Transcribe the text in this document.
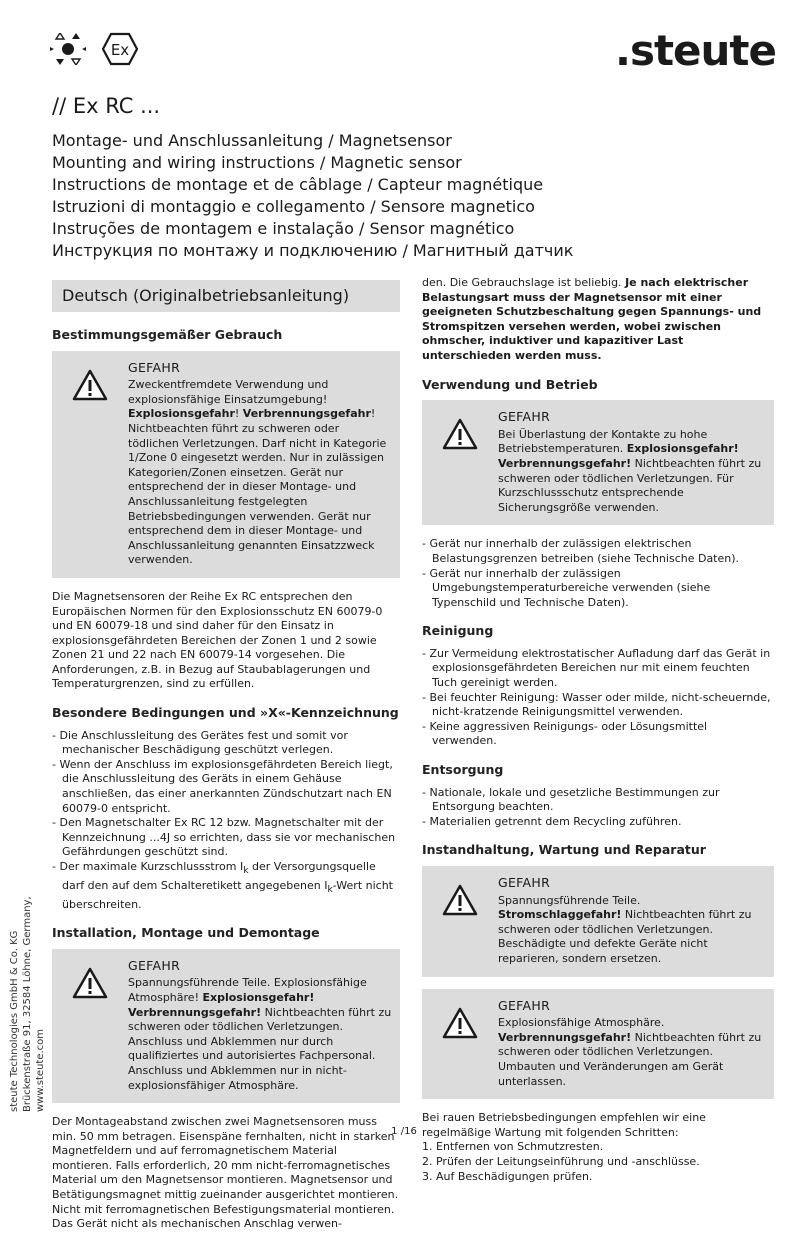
Ex	.steute
// Ex RC ...
Montage- und Anschlussanleitung / Magnetsensor
Mounting and wiring instructions / Magnetic sensor
Instructions de montage et de câblage / Capteur magnétique
Istruzioni di montaggio e collegamento / Sensore magnetico
Instruções de montagem e instalação / Sensor magnético
Инструкция по монтажу и подключению / Магнитный датчик
Deutsch (Originalbetriebsanleitung)
Bestimmungsgemäßer Gebrauch
GEFAHR
Zweckentfremdete Verwendung und explosionsfähige Einsatzumgebung! Explosionsgefahr! Verbrennungsgefahr! Nichtbeachten führt zu schweren oder tödlichen Verletzungen. Darf nicht in Kategorie 1/Zone 0 eingesetzt werden. Nur in zulässigen Kategorien/Zonen einsetzen. Gerät nur entsprechend der in dieser Montage- und Anschlussanleitung festgelegten Betriebsbedingungen verwenden. Gerät nur entsprechend dem in dieser Montage- und Anschlussanleitung genannten Einsatzzweck verwenden.

Die Magnetsensoren der Reihe Ex RC entsprechen den Europäischen Normen für den Explosionsschutz EN 60079-0 und EN 60079-18 und sind daher für den Einsatz in explosionsgefährdeten Bereichen der Zonen 1 und 2 sowie Zonen 21 und 22 nach EN 60079-14 vorgesehen. Die Anforderungen, z.B. in Bezug auf Staubablagerungen und Temperaturgrenzen, sind zu erfüllen.

Besondere Bedingungen und »X«-Kennzeichnung
- Die Anschlussleitung des Gerätes fest und somit vor mechanischer Beschädigung geschützt verlegen.
- Wenn der Anschluss im explosionsgefährdeten Bereich liegt, die Anschlussleitung des Geräts in einem Gehäuse anschließen, das einer anerkannten Zündschutzart nach EN 60079-0 entspricht.
- Den Magnetschalter Ex RC 12 bzw. Magnetschalter mit der Kennzeichnung ...4J so errichten, dass sie vor mechanischen Gefährdungen geschützt sind.
- Der maximale Kurzschlussstrom $I_k$ der Versorgungsquelle darf den auf dem Schalteretikett angegebenen $I_k$-Wert nicht überschreiten.
Installation, Montage und Demontage
GEFAHR
Spannungsführende Teile. Explosionsfähige Atmosphäre! Explosionsgefahr! Verbrennungsgefahr! Nichtbeachten führt zu schweren oder tödlichen Verletzungen. Anschluss und Abklemmen nur durch qualifiziertes und autorisiertes Fachpersonal. Anschluss und Abklemmen nur in nicht-explosionsfähiger Atmosphäre.

Der Montageabstand zwischen zwei Magnetsensoren muss min. 50 mm betragen. Eisenspäne fernhalten, nicht in starken Magnetfeldern und auf ferromagnetischem Material montieren. Falls erforderlich, 20 mm nicht-ferromagnetisches Material um den Magnetsensor montieren. Magnetsensor und Betätigungsmagnet mittig zueinander ausgerichtet montieren. Nicht mit ferromagnetischen Befestigungsmaterial montieren. Das Gerät nicht als mechanischen Anschlag verwen-

den. Die Gebrauchslage ist beliebig. Je nach elektrischer Belastungsart muss der Magnetsensor mit einer geeigneten Schutzbeschaltung gegen Spannungs- und Stromspitzen versehen werden, wobei zwischen ohmscher, induktiver und kapazitiver Last unterschieden werden muss.

Verwendung und Betrieb
GEFAHR
Bei Überlastung der Kontakte zu hohe Betriebstemperaturen. Explosionsgefahr! Verbrennungsgefahr! Nichtbeachten führt zu schweren oder tödlichen Verletzungen. Für Kurzschlussschutz entsprechende Sicherungsgröße verwenden.
- Gerät nur innerhalb der zulässigen elektrischen Belastungsgrenzen betreiben (siehe Technische Daten).
- Gerät nur innerhalb der zulässigen Umgebungstemperaturbereiche verwenden (siehe Typenschild und Technische Daten).
Reinigung
- Zur Vermeidung elektrostatischer Aufladung darf das Gerät in explosionsgefährdeten Bereichen nur mit einem feuchten Tuch gereinigt werden.
- Bei feuchter Reinigung: Wasser oder milde, nicht-scheuernde, nicht-kratzende Reinigungsmittel verwenden.
- Keine aggressiven Reinigungs- oder Lösungsmittel verwenden.
Entsorgung
- Nationale, lokale und gesetzliche Bestimmungen zur Entsorgung beachten.
- Materialien getrennt dem Recycling zuführen.
Instandhaltung, Wartung und Reparatur
GEFAHR
Spannungsführende Teile. Stromschlaggefahr! Nichtbeachten führt zu schweren oder tödlichen Verletzungen. Beschädigte und defekte Geräte nicht reparieren, sondern ersetzen.
GEFAHR
Explosionsfähige Atmosphäre. Verbrennungsgefahr! Nichtbeachten führt zu schweren oder tödlichen Verletzungen. Umbauten und Veränderungen am Gerät unterlassen.

Bei rauen Betriebsbedingungen empfehlen wir eine regelmäßige Wartung mit folgenden Schritten:

1. Entfernen von Schmutzresten.
2. Prüfen der Leitungseinführung und -anschlüsse.
3. Auf Beschädigungen prüfen.
steute Technologies GmbH & Co. KG Brückenstraße 91, 32584 Löhne, Germany, www.steute.com
1 /16
